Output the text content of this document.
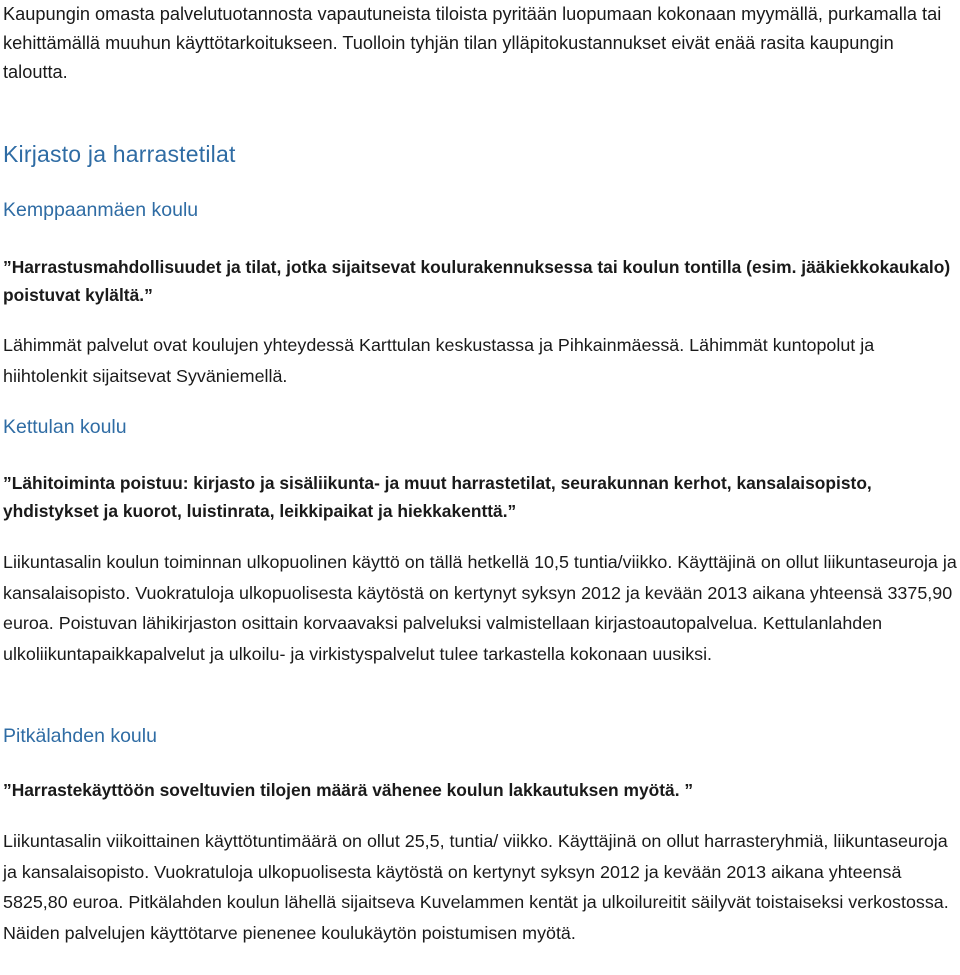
Kaupungin omasta palvelutuotannosta vapautuneista tiloista pyritään luopumaan kokonaan myymällä, purkamalla tai kehittämällä muuhun käyttötarkoitukseen. Tuolloin tyhjän tilan ylläpitokustannukset eivät enää rasita kaupungin taloutta.

Kirjasto ja harrastetilat
Kemppaanmäen koulu

”Harrastusmahdollisuudet ja tilat, jotka sijaitsevat koulurakennuksessa tai koulun tontilla (esim. jääkiekkokaukalo) poistuvat kylältä.”

Lähimmät palvelut ovat koulujen yhteydessä Karttulan keskustassa ja Pihkainmäessä. Lähimmät kuntopolut ja hiihtolenkit sijaitsevat Syväniemellä.

Kettulan koulu

”Lähitoiminta poistuu: kirjasto ja sisäliikunta- ja muut harrastetilat, seurakunnan kerhot, kansalaisopisto, yhdistykset ja kuorot, luistinrata, leikkipaikat ja hiekkakenttä.”

Liikuntasalin koulun toiminnan ulkopuolinen käyttö on tällä hetkellä 10,5 tuntia/viikko. Käyttäjinä on ollut liikuntaseuroja ja kansalaisopisto. Vuokratuloja ulkopuolisesta käytöstä on kertynyt syksyn 2012 ja kevään 2013 aikana yhteensä 3375,90 euroa. Poistuvan lähikirjaston osittain korvaavaksi palveluksi valmistellaan kirjastoautopalvelua. Kettulanlahden ulkoliikuntapaikkapalvelut ja ulkoilu- ja virkistyspalvelut tulee tarkastella kokonaan uusiksi.

Pitkälahden koulu

”Harrastekäyttöön soveltuvien tilojen määrä vähenee koulun lakkautuksen myötä. ”

Liikuntasalin viikoittainen käyttötuntimäärä on ollut 25,5, tuntia/ viikko. Käyttäjinä on ollut harrasteryhmiä, liikuntaseuroja ja kansalaisopisto. Vuokratuloja ulkopuolisesta käytöstä on kertynyt syksyn 2012 ja kevään 2013 aikana yhteensä 5825,80 euroa. Pitkälahden koulun lähellä sijaitseva Kuvelammen kentät ja ulkoilureitit säilyvät toistaiseksi verkostossa. Näiden palvelujen käyttötarve pienenee koulukäytön poistumisen myötä.
